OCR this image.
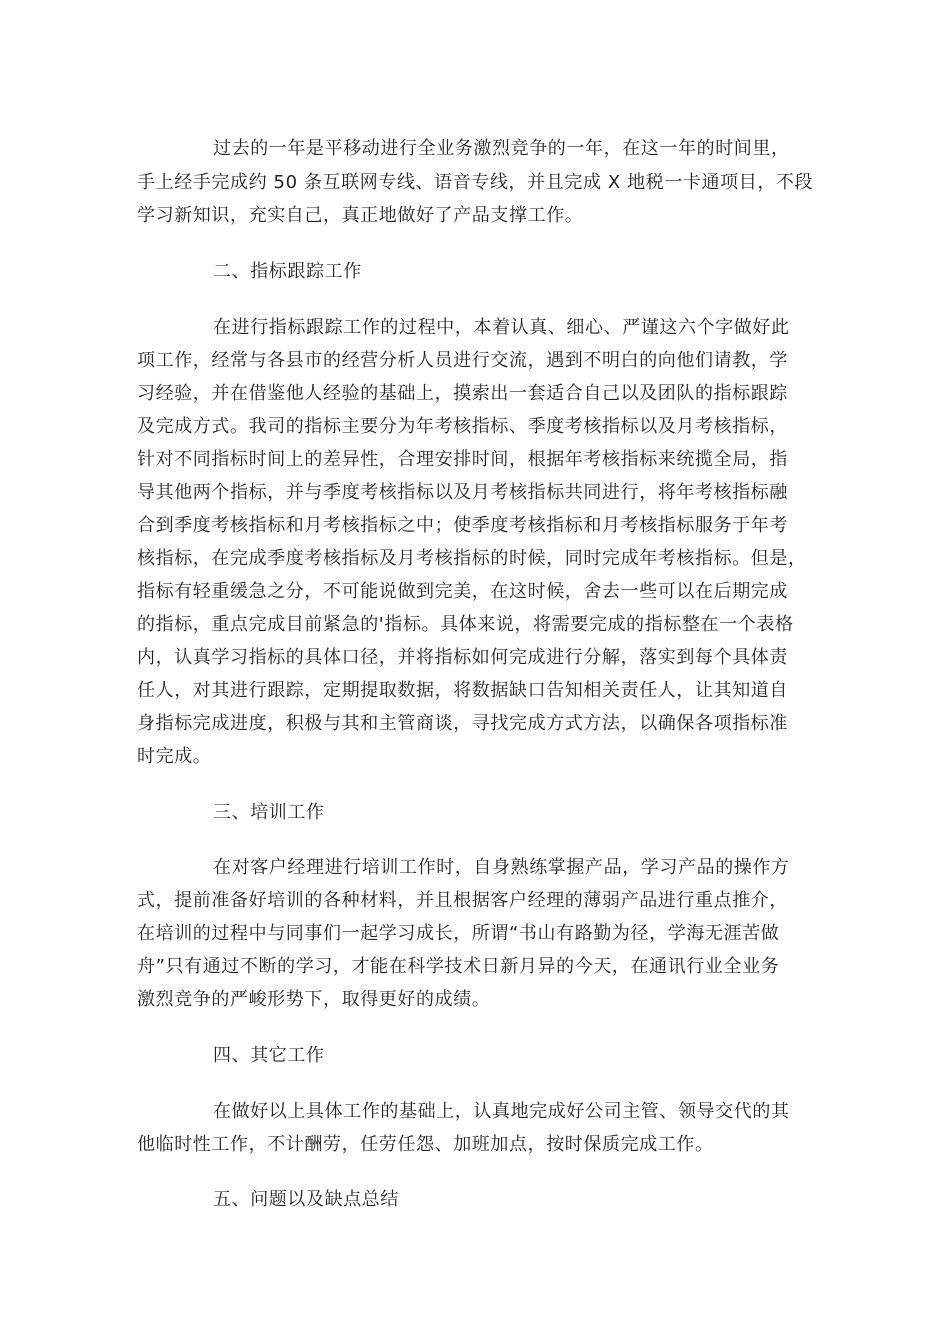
过去的一年是平移动进行全业务激烈竞争的一年，在这一年的时间里，
手上经手完成约 50 条互联网专线、语音专线，并且完成 X 地税一卡通项目，不段
学习新知识，充实自己，真正地做好了产品支撑工作。
二、指标跟踪工作
在进行指标跟踪工作的过程中，本着认真、细心、严谨这六个字做好此
项工作，经常与各县市的经营分析人员进行交流，遇到不明白的向他们请教，学
习经验，并在借鉴他人经验的基础上，摸索出一套适合自己以及团队的指标跟踪
及完成方式。我司的指标主要分为年考核指标、季度考核指标以及月考核指标，
针对不同指标时间上的差异性，合理安排时间，根据年考核指标来统揽全局，指
导其他两个指标，并与季度考核指标以及月考核指标共同进行，将年考核指标融
合到季度考核指标和月考核指标之中；使季度考核指标和月考核指标服务于年考
核指标，在完成季度考核指标及月考核指标的时候，同时完成年考核指标。但是，
指标有轻重缓急之分，不可能说做到完美，在这时候，舍去一些可以在后期完成
的指标，重点完成目前紧急的'指标。具体来说，将需要完成的指标整在一个表格
内，认真学习指标的具体口径，并将指标如何完成进行分解，落实到每个具体责
任人，对其进行跟踪，定期提取数据，将数据缺口告知相关责任人，让其知道自
身指标完成进度，积极与其和主管商谈，寻找完成方式方法，以确保各项指标准
时完成。
三、培训工作
在对客户经理进行培训工作时，自身熟练掌握产品，学习产品的操作方
式，提前准备好培训的各种材料，并且根据客户经理的薄弱产品进行重点推介，
在培训的过程中与同事们一起学习成长，所谓“书山有路勤为径，学海无涯苦做
舟”只有通过不断的学习，才能在科学技术日新月异的今天，在通讯行业全业务
激烈竞争的严峻形势下，取得更好的成绩。
四、其它工作
在做好以上具体工作的基础上，认真地完成好公司主管、领导交代的其
他临时性工作，不计酬劳，任劳任怨、加班加点，按时保质完成工作。
五、问题以及缺点总结
